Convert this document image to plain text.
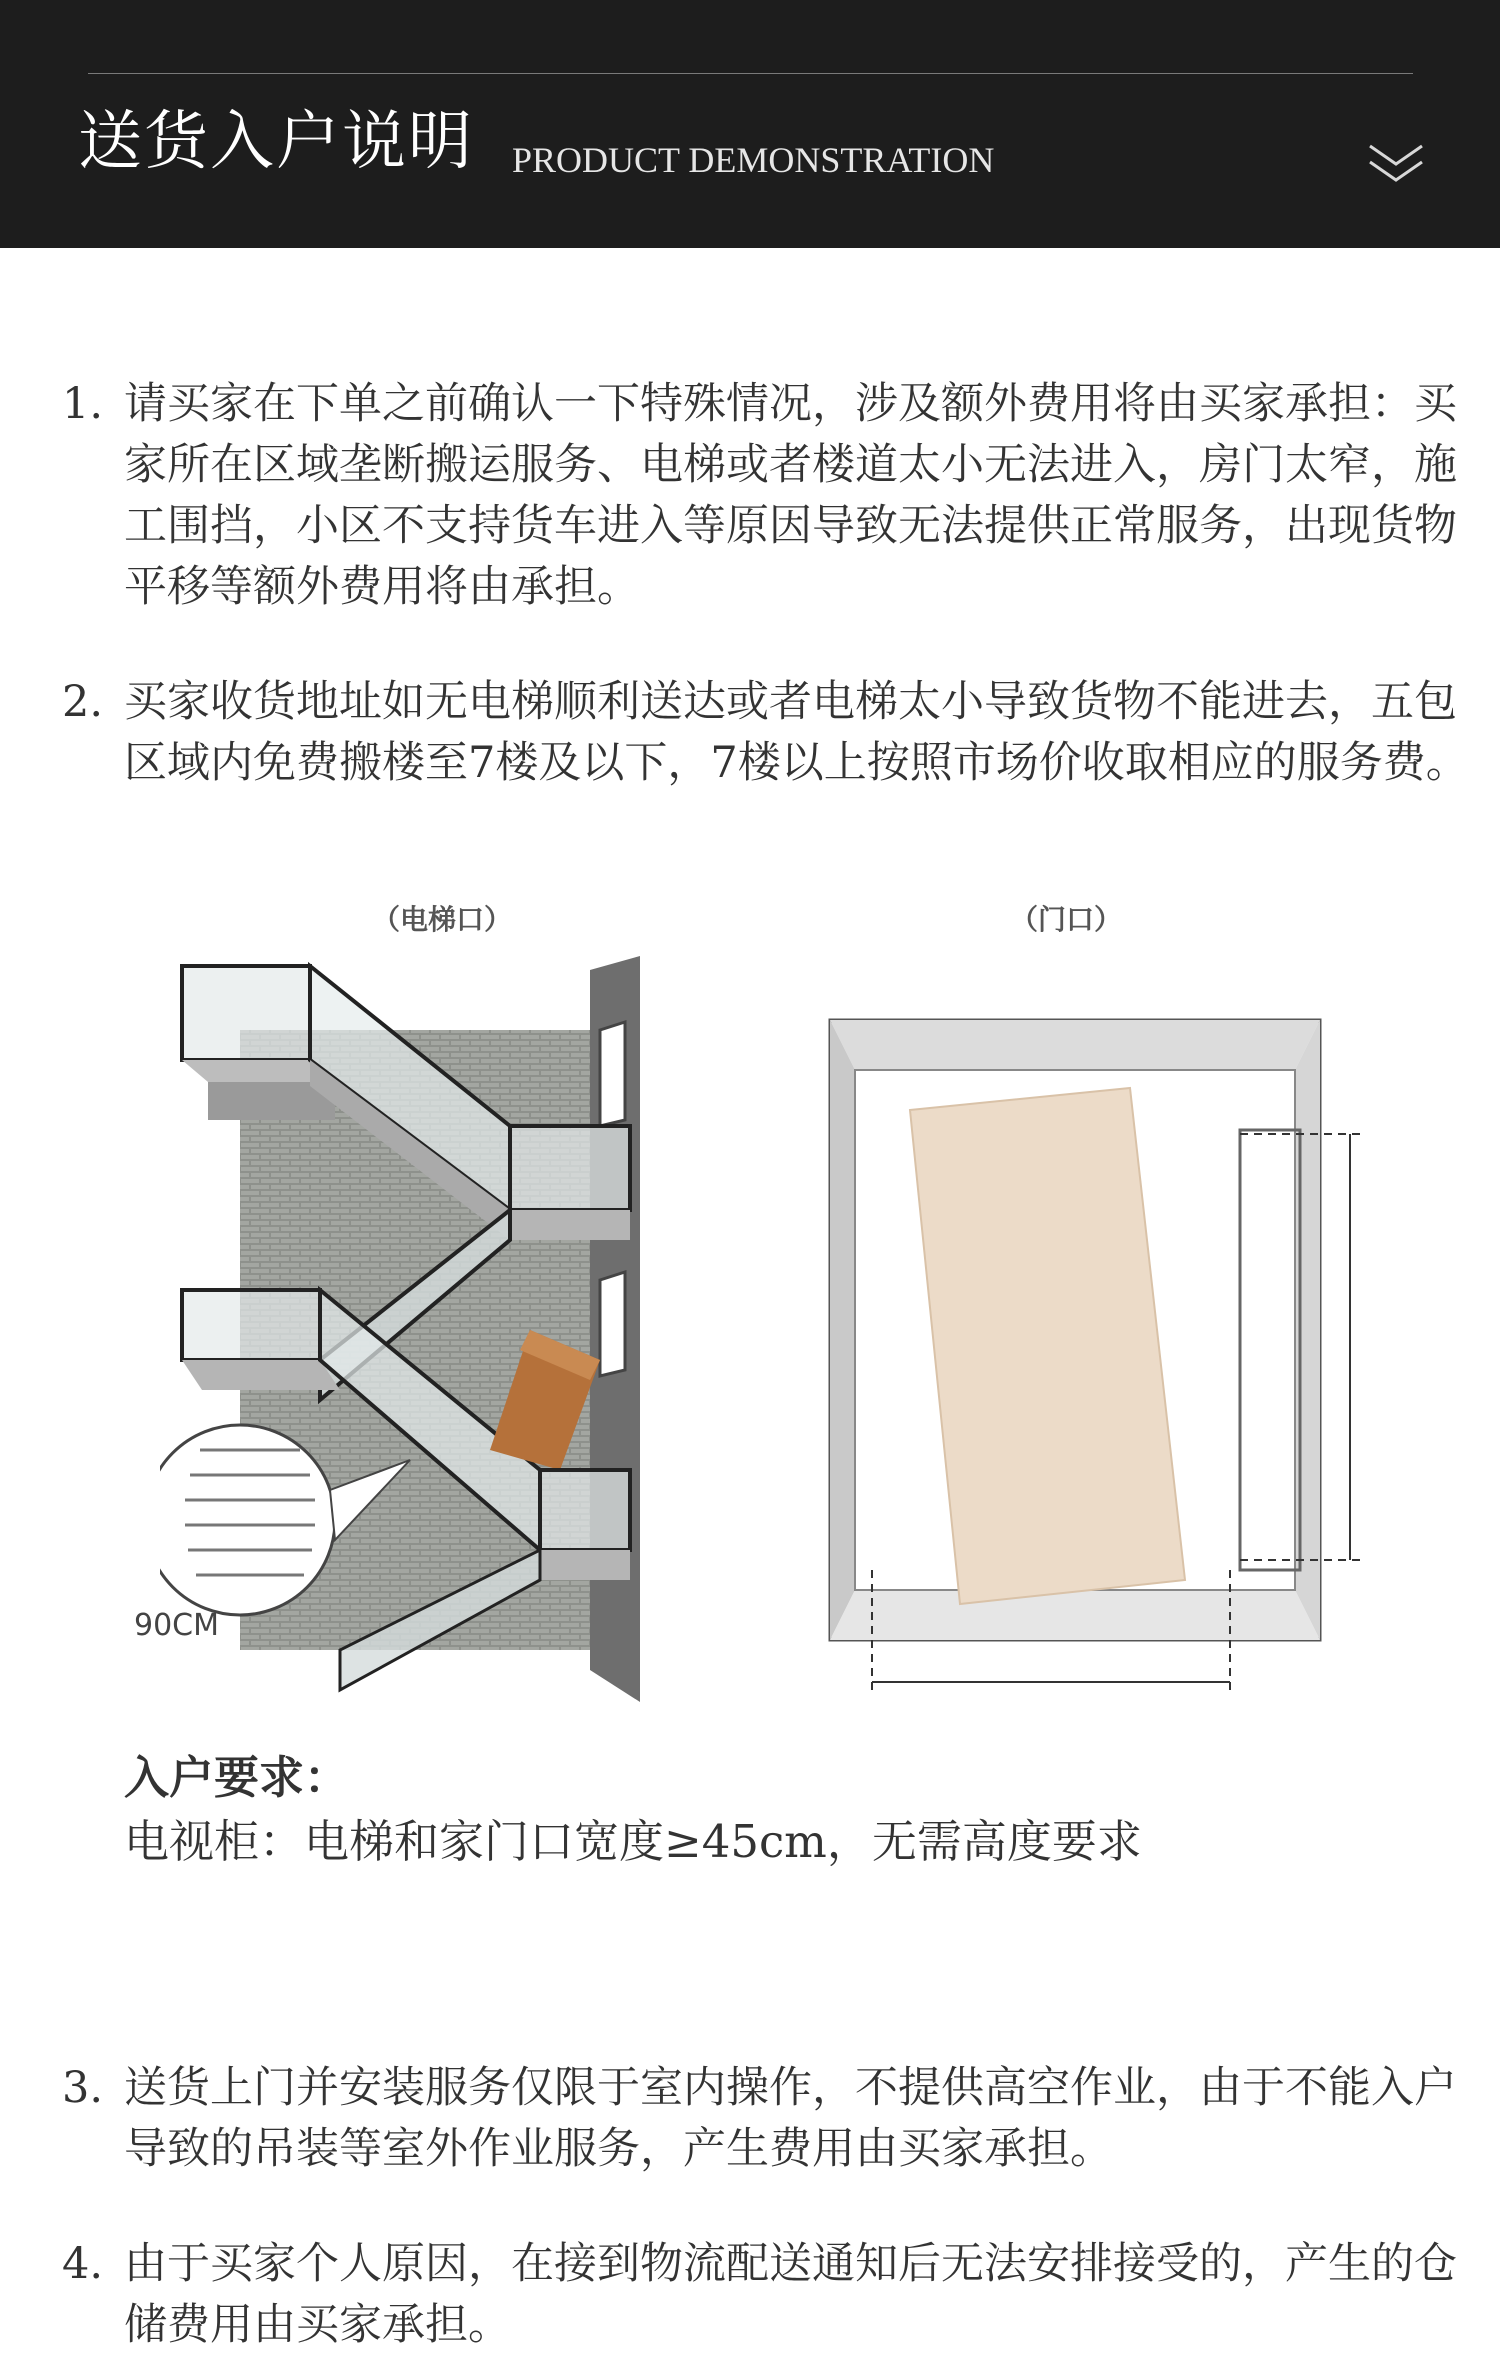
送货入户说明 PRODUCT DEMONSTRATION
1. 请买家在下单之前确认一下特殊情况，涉及额外费用将由买家承担：买家所在区域垄断搬运服务、电梯或者楼道太小无法进入，房门太窄，施工围挡，小区不支持货车进入等原因导致无法提供正常服务，出现货物平移等额外费用将由承担。
2. 买家收货地址如无电梯顺利送达或者电梯太小导致货物不能进去，五包区域内免费搬楼至7楼及以下，7楼以上按照市场价收取相应的服务费。
（电梯口）	（门口）
90CM
入户要求：
电视柜：电梯和家门口宽度≥45cm，无需高度要求
3. 送货上门并安装服务仅限于室内操作，不提供高空作业，由于不能入户导致的吊装等室外作业服务，产生费用由买家承担。
4. 由于买家个人原因，在接到物流配送通知后无法安排接受的，产生的仓储费用由买家承担。
